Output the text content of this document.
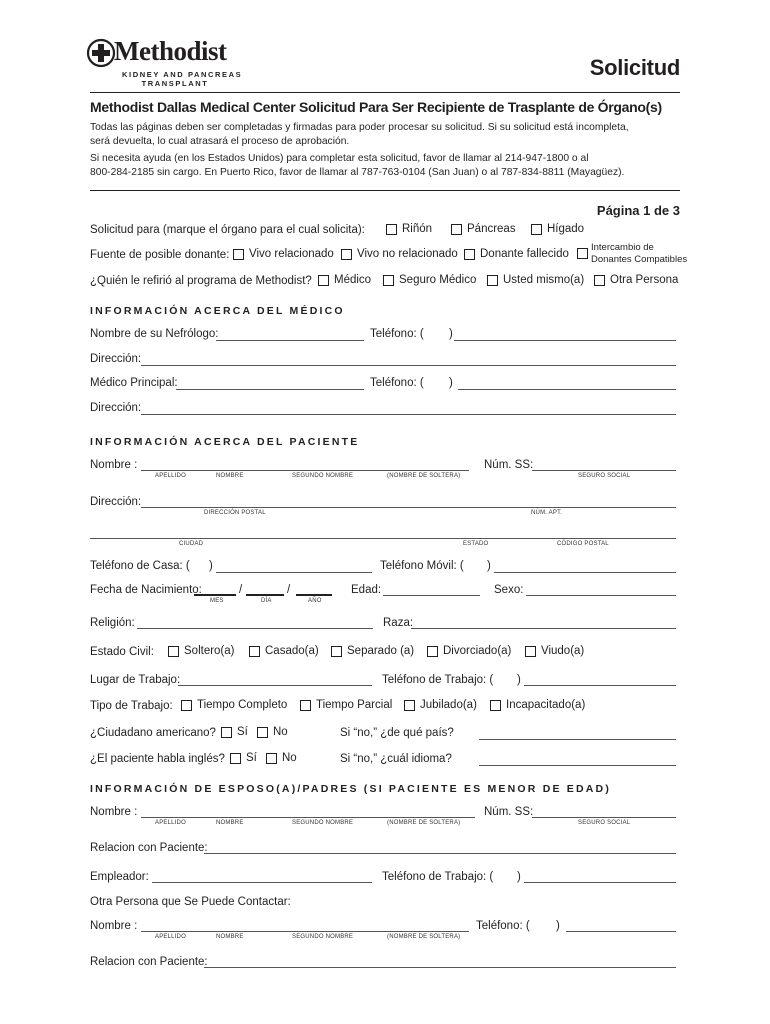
Methodist
KIDNEY AND PANCREAS
TRANSPLANT
Solicitud
Methodist Dallas Medical Center Solicitud Para Ser Recipiente de Trasplante de Órgano(s)
Todas las páginas deben ser completadas y firmadas para poder procesar su solicitud. Si su solicitud está incompleta,
será devuelta, lo cual atrasará el proceso de aprobación.
Si necesita ayuda (en los Estados Unidos) para completar esta solicitud, favor de llamar al 214-947-1800 o al
800-284-2185 sin cargo. En Puerto Rico, favor de llamar al 787-763-0104 (San Juan) o al 787-834-8811 (Mayagüez).
Página 1 de 3
Solicitud para (marque el órgano para el cual solicita):	Riñón	Páncreas	Hígado
Fuente de posible donante: Vivo relacionado Vivo no relacionado Donante fallecido
Intercambio de
Donantes Compatibles
¿Quién le refirió al programa de Methodist? Médico Seguro Médico Usted mismo(a) Otra Persona
INFORMACIÓN ACERCA DEL MÉDICO
Nombre de su Nefrólogo:	Teléfono: ( )
Dirección:
Médico Principal:	Teléfono: ( )
Dirección:
INFORMACIÓN ACERCA DEL PACIENTE
Nombre :
APELLIDO	NOMBRE	SEGUNDO NOMBRE	(NOMBRE DE SOLTERA)
Núm. SS:
SEGURO SOCIAL
Dirección:
DIRECCIÓN POSTAL	NÚM. APT.
CIUDAD	ESTADO	CÓDIGO POSTAL
Teléfono de Casa: ( )	Teléfono Móvil: ( )
Fecha de Nacimiento:	/	/
MES	DÍA	AÑO
Edad:	Sexo:
Religión:	Raza:
Estado Civil:	Soltero(a)	Casado(a) Separado (a)	Divorciado(a)	Viudo(a)
Lugar de Trabajo:	Teléfono de Trabajo: ( )
Tipo de Trabajo: Tiempo Completo Tiempo Parcial Jubilado(a)	Incapacitado(a)
¿Ciudadano americano? Sí No	Si “no,” ¿de qué país?
¿El paciente habla inglés? Sí No	Si “no,” ¿cuál idioma?
INFORMACIÓN DE ESPOSO(A)/PADRES (SI PACIENTE ES MENOR DE EDAD)
Nombre :
APELLIDO	NOMBRE	SEGUNDO NOMBRE	(NOMBRE DE SOLTERA)
Núm. SS:
SEGURO SOCIAL
Relacion con Paciente:
Empleador:	Teléfono de Trabajo: ( )
Otra Persona que Se Puede Contactar:
Nombre :
APELLIDO	NOMBRE	SEGUNDO NOMBRE	(NOMBRE DE SOLTERA)
Teléfono: ( )
Relacion con Paciente:
